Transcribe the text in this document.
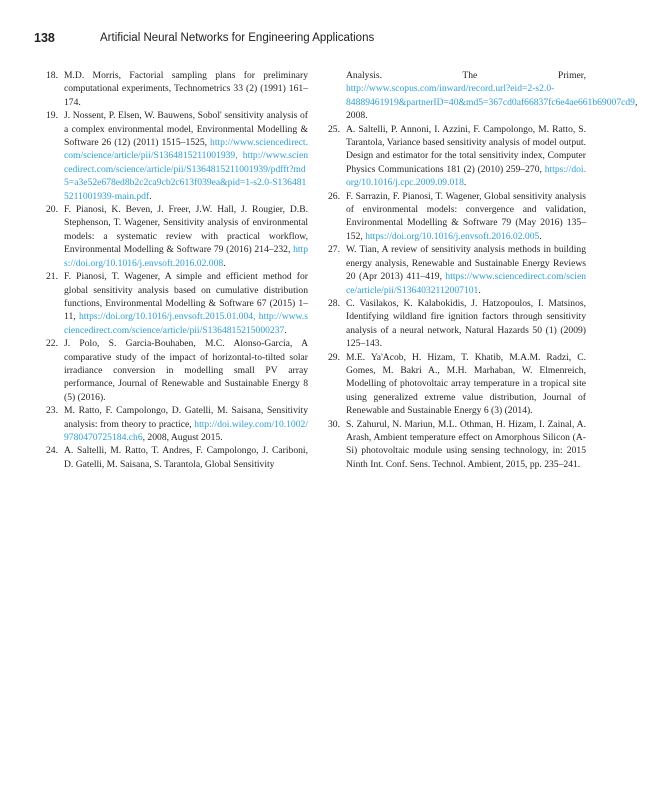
138	Artificial Neural Networks for Engineering Applications
18. M.D. Morris, Factorial sampling plans for preliminary computational experiments, Technometrics 33 (2) (1991) 161–174.
19. J. Nossent, P. Elsen, W. Bauwens, Sobol' sensitivity analysis of a complex environmental model, Environmental Modelling & Software 26 (12) (2011) 1515–1525, http://www.sciencedirect.com/science/article/pii/S1364815211001939, http://www.sciencedirect.com/science/article/pii/S1364815211001939/pdfft?md5=a3e52e678ed8b2c2ca9cb2c613f039ea&pid=1-s2.0-S1364815211001939-main.pdf.
20. F. Pianosi, K. Beven, J. Freer, J.W. Hall, J. Rougier, D.B. Stephenson, T. Wagener, Sensitivity analysis of environmental models: a systematic review with practical workflow, Environmental Modelling & Software 79 (2016) 214–232, https://doi.org/10.1016/j.envsoft.2016.02.008.
21. F. Pianosi, T. Wagener, A simple and efficient method for global sensitivity analysis based on cumulative distribution functions, Environmental Modelling & Software 67 (2015) 1–11, https://doi.org/10.1016/j.envsoft.2015.01.004, http://www.sciencedirect.com/science/article/pii/S1364815215000237.
22. J. Polo, S. Garcia-Bouhaben, M.C. Alonso-García, A comparative study of the impact of horizontal-to-tilted solar irradiance conversion in modelling small PV array performance, Journal of Renewable and Sustainable Energy 8 (5) (2016).
23. M. Ratto, F. Campolongo, D. Gatelli, M. Saisana, Sensitivity analysis: from theory to practice, http://doi.wiley.com/10.1002/9780470725184.ch6, 2008, August 2015.
24. A. Saltelli, M. Ratto, T. Andres, F. Campolongo, J. Cariboni, D. Gatelli, M. Saisana, S. Tarantola, Global Sensitivity
Analysis. The Primer, http://www.scopus.com/inward/record.url?eid=2-s2.0-84889461919&partnerID=40&md5=367cd0af66837fc6e4ae661b69007cd9, 2008.
25. A. Saltelli, P. Annoni, I. Azzini, F. Campolongo, M. Ratto, S. Tarantola, Variance based sensitivity analysis of model output. Design and estimator for the total sensitivity index, Computer Physics Communications 181 (2) (2010) 259–270, https://doi.org/10.1016/j.cpc.2009.09.018.
26. F. Sarrazin, F. Pianosi, T. Wagener, Global sensitivity analysis of environmental models: convergence and validation, Environmental Modelling & Software 79 (May 2016) 135–152, https://doi.org/10.1016/j.envsoft.2016.02.005.
27. W. Tian, A review of sensitivity analysis methods in building energy analysis, Renewable and Sustainable Energy Reviews 20 (Apr 2013) 411–419, https://www.sciencedirect.com/science/article/pii/S1364032112007101.
28. C. Vasilakos, K. Kalabokidis, J. Hatzopoulos, I. Matsinos, Identifying wildland fire ignition factors through sensitivity analysis of a neural network, Natural Hazards 50 (1) (2009) 125–143.
29. M.E. Ya'Acob, H. Hizam, T. Khatib, M.A.M. Radzi, C. Gomes, M. Bakri A., M.H. Marhaban, W. Elmenreich, Modelling of photovoltaic array temperature in a tropical site using generalized extreme value distribution, Journal of Renewable and Sustainable Energy 6 (3) (2014).
30. S. Zahurul, N. Mariun, M.L. Othman, H. Hizam, I. Zainal, A. Arash, Ambient temperature effect on Amorphous Silicon (A-Si) photovoltaic module using sensing technology, in: 2015 Ninth Int. Conf. Sens. Technol. Ambient, 2015, pp. 235–241.
